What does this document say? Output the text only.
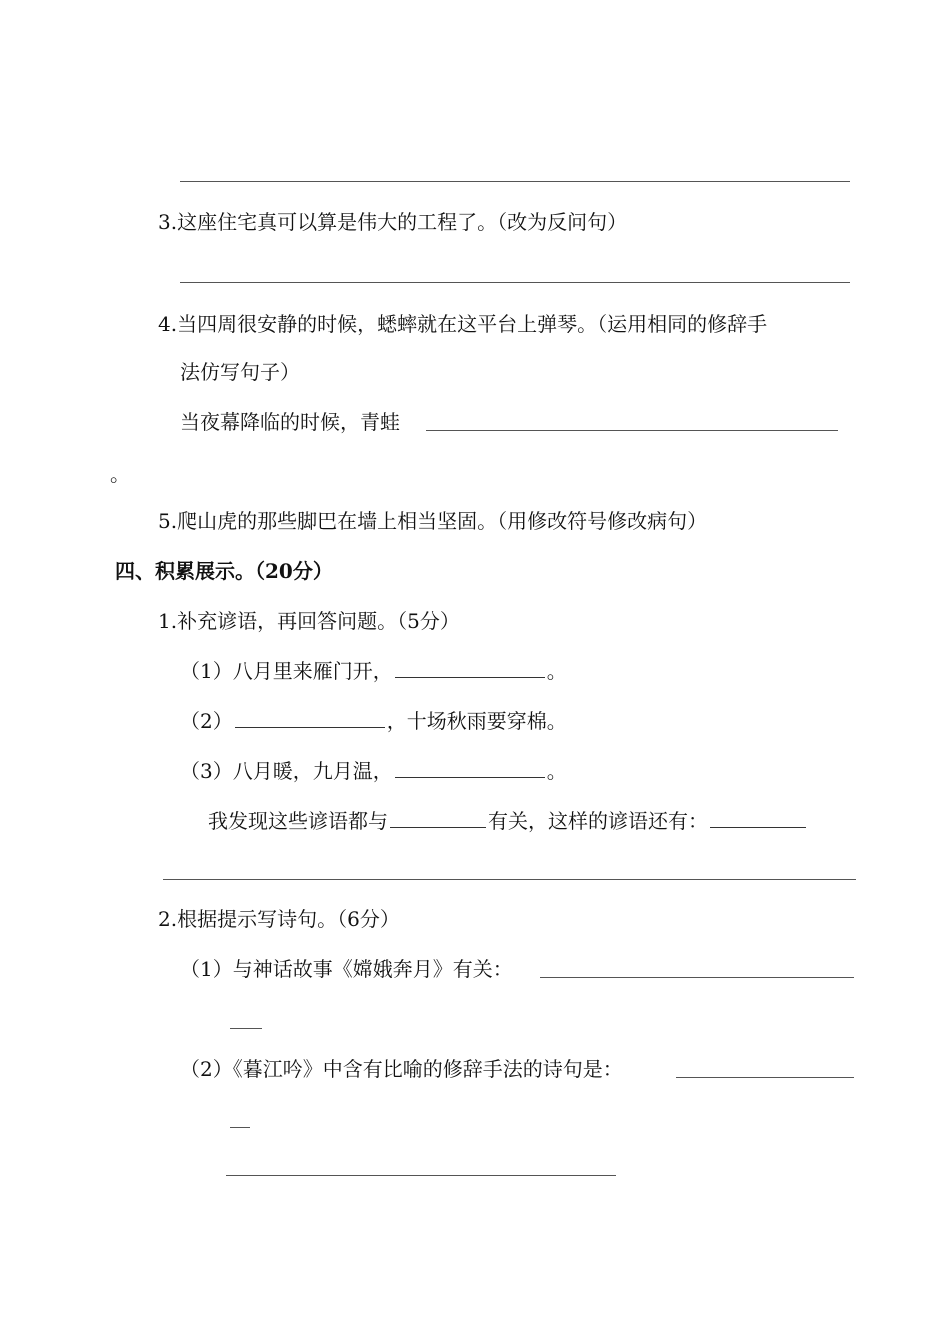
3.这座住宅真可以算是伟大的工程了。（改为反问句）
4.当四周很安静的时候，蟋蟀就在这平台上弹琴。（运用相同的修辞手
法仿写句子）
当夜幕降临的时候，青蛙
。
5.爬山虎的那些脚巴在墙上相当坚固。（用修改符号修改病句）
四、积累展示。（20分）
1.补充谚语，再回答问题。（5分）
（1）八月里来雁门开，	。
（2）	，十场秋雨要穿棉。
（3）八月暖，九月温，	。
我发现这些谚语都与	有关，这样的谚语还有：
2.根据提示写诗句。（6分）
（1）与神话故事《嫦娥奔月》有关：
（2）《暮江吟》中含有比喻的修辞手法的诗句是：
